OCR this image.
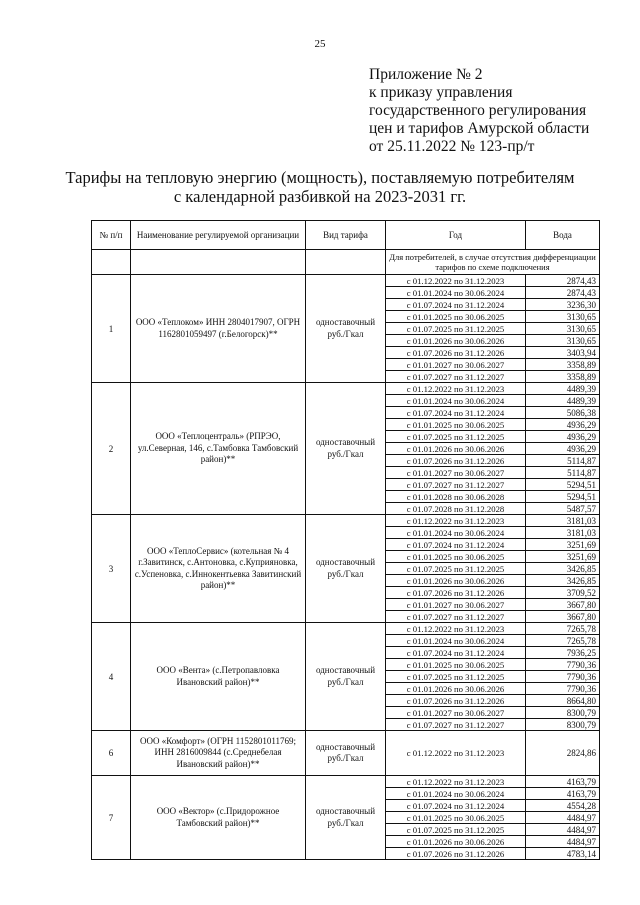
25
Приложение № 2
к приказу управления
государственного регулирования
цен и тарифов Амурской области
от 25.11.2022 № 123-пр/т
Тарифы на тепловую энергию (мощность), поставляемую потребителям
с календарной разбивкой на 2023-2031 гг.
№ п/п	Наименование регулируемой организации	Вид тарифа	Год	Вода
			Для потребителей, в случае отсутствия дифференциации тарифов по схеме подключения	
1	ООО «Теплоком» ИНН 2804017907, ОГРН 1162801059497 (г.Белогорск)**	одноставочный руб./Гкал	с 01.12.2022 по 31.12.2023	2874,43
			с 01.01.2024 по 30.06.2024	2874,43
			с 01.07.2024 по 31.12.2024	3236,30
			с 01.01.2025 по 30.06.2025	3130,65
			с 01.07.2025 по 31.12.2025	3130,65
			с 01.01.2026 по 30.06.2026	3130,65
			с 01.07.2026 по 31.12.2026	3403,94
			с 01.01.2027 по 30.06.2027	3358,89
			с 01.07.2027 по 31.12.2027	3358,89
2	ООО «Теплоцентраль» (РПРЭО, ул.Северная, 146, с.Тамбовка Тамбовский район)**	одноставочный руб./Гкал	с 01.12.2022 по 31.12.2023	4489,39
			с 01.01.2024 по 30.06.2024	4489,39
			с 01.07.2024 по 31.12.2024	5086,38
			с 01.01.2025 по 30.06.2025	4936,29
			с 01.07.2025 по 31.12.2025	4936,29
			с 01.01.2026 по 30.06.2026	4936,29
			с 01.07.2026 по 31.12.2026	5114,87
			с 01.01.2027 по 30.06.2027	5114,87
			с 01.07.2027 по 31.12.2027	5294,51
			с 01.01.2028 по 30.06.2028	5294,51
			с 01.07.2028 по 31.12.2028	5487,57
3	ООО «ТеплоСервис» (котельная № 4 г.Завитинск, с.Антоновка, с.Куприяновка, с.Успеновка, с.Иннокентьевка Завитинский район)**	одноставочный руб./Гкал	с 01.12.2022 по 31.12.2023	3181,03
			с 01.01.2024 по 30.06.2024	3181,03
			с 01.07.2024 по 31.12.2024	3251,69
			с 01.01.2025 по 30.06.2025	3251,69
			с 01.07.2025 по 31.12.2025	3426,85
			с 01.01.2026 по 30.06.2026	3426,85
			с 01.07.2026 по 31.12.2026	3709,52
			с 01.01.2027 по 30.06.2027	3667,80
			с 01.07.2027 по 31.12.2027	3667,80
4	ООО «Вента» (с.Петропавловка Ивановский район)**	одноставочный руб./Гкал	с 01.12.2022 по 31.12.2023	7265,78
			с 01.01.2024 по 30.06.2024	7265,78
			с 01.07.2024 по 31.12.2024	7936,25
			с 01.01.2025 по 30.06.2025	7790,36
			с 01.07.2025 по 31.12.2025	7790,36
			с 01.01.2026 по 30.06.2026	7790,36
			с 01.07.2026 по 31.12.2026	8664,80
			с 01.01.2027 по 30.06.2027	8300,79
			с 01.07.2027 по 31.12.2027	8300,79
6	ООО «Комфорт» (ОГРН 1152801011769; ИНН 2816009844 (с.Среднебелая Ивановский район)**	одноставочный руб./Гкал	с 01.12.2022 по 31.12.2023	2824,86
7	ООО «Вектор» (с.Придорожное Тамбовский район)**	одноставочный руб./Гкал	с 01.12.2022 по 31.12.2023	4163,79
			с 01.01.2024 по 30.06.2024	4163,79
			с 01.07.2024 по 31.12.2024	4554,28
			с 01.01.2025 по 30.06.2025	4484,97
			с 01.07.2025 по 31.12.2025	4484,97
			с 01.01.2026 по 30.06.2026	4484,97
			с 01.07.2026 по 31.12.2026	4783,14
